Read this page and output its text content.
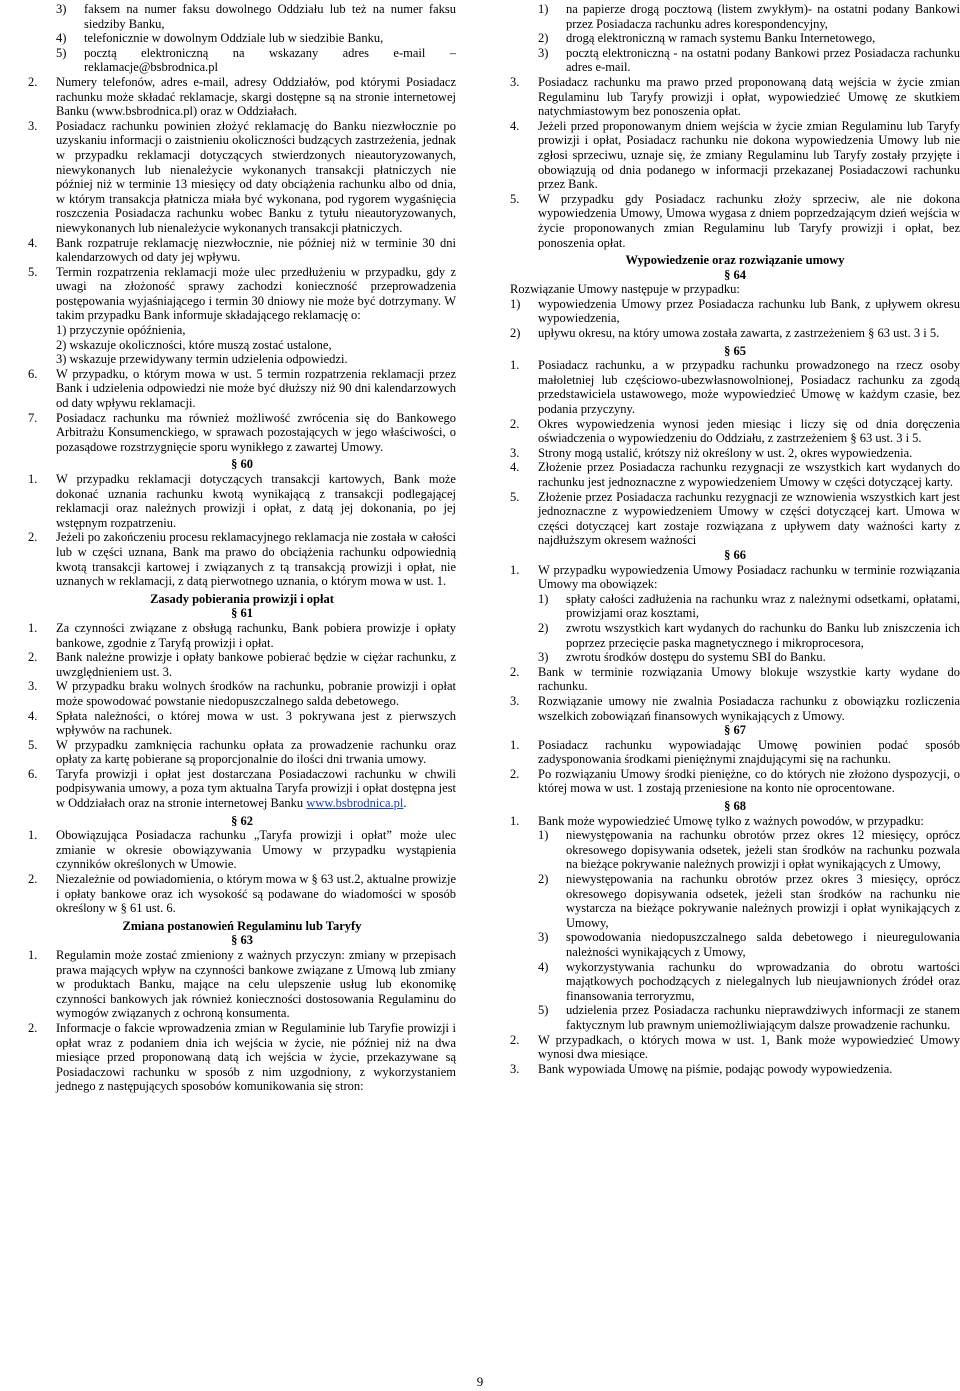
3) faksem na numer faksu dowolnego Oddziału lub też na numer faksu siedziby Banku,

4) telefonicznie w dowolnym Oddziale lub w siedzibie Banku,

5) pocztą elektroniczną na wskazany adres e-mail – reklamacje@bsbrodnica.pl

2. Numery telefonów, adres e-mail, adresy Oddziałów, pod którymi Posiadacz rachunku może składać reklamacje, skargi dostępne są na stronie internetowej Banku (www.bsbrodnica.pl) oraz w Oddziałach.

3. Posiadacz rachunku powinien złożyć reklamację do Banku niezwłocznie po uzyskaniu informacji o zaistnieniu okoliczności budzących zastrzeżenia, jednak w przypadku reklamacji dotyczących stwierdzonych nieautoryzowanych, niewykonanych lub nienależycie wykonanych transakcji płatniczych nie później niż w terminie 13 miesięcy od daty obciążenia rachunku albo od dnia, w którym transakcja płatnicza miała być wykonana, pod rygorem wygaśnięcia roszczenia Posiadacza rachunku wobec Banku z tytułu nieautoryzowanych, niewykonanych lub nienależycie wykonanych transakcji płatniczych.

4. Bank rozpatruje reklamację niezwłocznie, nie później niż w terminie 30 dni kalendarzowych od daty jej wpływu.

5. Termin rozpatrzenia reklamacji może ulec przedłużeniu w przypadku, gdy z uwagi na złożoność sprawy zachodzi konieczność przeprowadzenia postępowania wyjaśniającego i termin 30 dniowy nie może być dotrzymany. W takim przypadku Bank informuje składającego reklamację o:

1) przyczynie opóźnienia,

2) wskazuje okoliczności, które muszą zostać ustalone,

3) wskazuje przewidywany termin udzielenia odpowiedzi.

6. W przypadku, o którym mowa w ust. 5 termin rozpatrzenia reklamacji przez Bank i udzielenia odpowiedzi nie może być dłuższy niż 90 dni kalendarzowych od daty wpływu reklamacji.

7. Posiadacz rachunku ma również możliwość zwrócenia się do Bankowego Arbitrażu Konsumenckiego, w sprawach pozostających w jego właściwości, o pozasądowe rozstrzygnięcie sporu wynikłego z zawartej Umowy.

§ 60

1. W przypadku reklamacji dotyczących transakcji kartowych, Bank może dokonać uznania rachunku kwotą wynikającą z transakcji podlegającej reklamacji oraz należnych prowizji i opłat, z datą jej dokonania, po jej wstępnym rozpatrzeniu.

2. Jeżeli po zakończeniu procesu reklamacyjnego reklamacja nie została w całości lub w części uznana, Bank ma prawo do obciążenia rachunku odpowiednią kwotą transakcji kartowej i związanych z tą transakcją prowizji i opłat, nie uznanych w reklamacji, z datą pierwotnego uznania, o którym mowa w ust. 1.

Zasady pobierania prowizji i opłat

§ 61

1. Za czynności związane z obsługą rachunku, Bank pobiera prowizje i opłaty bankowe, zgodnie z Taryfą prowizji i opłat.

2. Bank należne prowizje i opłaty bankowe pobierać będzie w ciężar rachunku, z uwzględnieniem ust. 3.

3. W przypadku braku wolnych środków na rachunku, pobranie prowizji i opłat może spowodować powstanie niedopuszczalnego salda debetowego.

4. Spłata należności, o której mowa w ust. 3 pokrywana jest z pierwszych wpływów na rachunek.

5. W przypadku zamknięcia rachunku opłata za prowadzenie rachunku oraz opłaty za kartę pobierane są proporcjonalnie do ilości dni trwania umowy.

6. Taryfa prowizji i opłat jest dostarczana Posiadaczowi rachunku w chwili podpisywania umowy, a poza tym aktualna Taryfa prowizji i opłat dostępna jest w Oddziałach oraz na stronie internetowej Banku www.bsbrodnica.pl.

§ 62

1. Obowiązująca Posiadacza rachunku „Taryfa prowizji i opłat” może ulec zmianie w okresie obowiązywania Umowy w przypadku wystąpienia czynników określonych w Umowie.

2. Niezależnie od powiadomienia, o którym mowa w § 63 ust.2, aktualne prowizje i opłaty bankowe oraz ich wysokość są podawane do wiadomości w sposób określony w § 61 ust. 6.

Zmiana postanowień Regulaminu lub Taryfy

§ 63

1. Regulamin może zostać zmieniony z ważnych przyczyn: zmiany w przepisach prawa mających wpływ na czynności bankowe związane z Umową lub zmiany w produktach Banku, mające na celu ulepszenie usług lub ekonomikę czynności bankowych jak również konieczności dostosowania Regulaminu do wymogów związanych z ochroną konsumenta.

2. Informacje o fakcie wprowadzenia zmian w Regulaminie lub Taryfie prowizji i opłat wraz z podaniem dnia ich wejścia w życie, nie później niż na dwa miesiące przed proponowaną datą ich wejścia w życie, przekazywane są Posiadaczowi rachunku w sposób z nim uzgodniony, z wykorzystaniem jednego z następujących sposobów komunikowania się stron:

1) na papierze drogą pocztową (listem zwykłym)- na ostatni podany Bankowi przez Posiadacza rachunku adres korespondencyjny,

2) drogą elektroniczną w ramach systemu Banku Internetowego,

3) pocztą elektroniczną - na ostatni podany Bankowi przez Posiadacza rachunku adres e-mail.

3. Posiadacz rachunku ma prawo przed proponowaną datą wejścia w życie zmian Regulaminu lub Taryfy prowizji i opłat, wypowiedzieć Umowę ze skutkiem natychmiastowym bez ponoszenia opłat.

4. Jeżeli przed proponowanym dniem wejścia w życie zmian Regulaminu lub Taryfy prowizji i opłat, Posiadacz rachunku nie dokona wypowiedzenia Umowy lub nie zgłosi sprzeciwu, uznaje się, że zmiany Regulaminu lub Taryfy zostały przyjęte i obowiązują od dnia podanego w informacji przekazanej Posiadaczowi rachunku przez Bank.

5. W przypadku gdy Posiadacz rachunku złoży sprzeciw, ale nie dokona wypowiedzenia Umowy, Umowa wygasa z dniem poprzedzającym dzień wejścia w życie proponowanych zmian Regulaminu lub Taryfy prowizji i opłat, bez ponoszenia opłat.

Wypowiedzenie oraz rozwiązanie umowy

§ 64

Rozwiązanie Umowy następuje w przypadku:

1) wypowiedzenia Umowy przez Posiadacza rachunku lub Bank, z upływem okresu wypowiedzenia,

2) upływu okresu, na który umowa została zawarta, z zastrzeżeniem § 63 ust. 3 i 5.

§ 65

1. Posiadacz rachunku, a w przypadku rachunku prowadzonego na rzecz osoby małoletniej lub częściowo-ubezwłasnowolnionej, Posiadacz rachunku za zgodą przedstawiciela ustawowego, może wypowiedzieć Umowę w każdym czasie, bez podania przyczyny.

2. Okres wypowiedzenia wynosi jeden miesiąc i liczy się od dnia doręczenia oświadczenia o wypowiedzeniu do Oddziału, z zastrzeżeniem § 63 ust. 3 i 5.

3. Strony mogą ustalić, krótszy niż określony w ust. 2, okres wypowiedzenia.

4. Złożenie przez Posiadacza rachunku rezygnacji ze wszystkich kart wydanych do rachunku jest jednoznaczne z wypowiedzeniem Umowy w części dotyczącej karty.

5. Złożenie przez Posiadacza rachunku rezygnacji ze wznowienia wszystkich kart jest jednoznaczne z wypowiedzeniem Umowy w części dotyczącej kart. Umowa w części dotyczącej kart zostaje rozwiązana z upływem daty ważności karty z najdłuższym okresem ważności

§ 66

1. W przypadku wypowiedzenia Umowy Posiadacz rachunku w terminie rozwiązania Umowy ma obowiązek:

1) spłaty całości zadłużenia na rachunku wraz z należnymi odsetkami, opłatami, prowizjami oraz kosztami,

2) zwrotu wszystkich kart wydanych do rachunku do Banku lub zniszczenia ich poprzez przecięcie paska magnetycznego i mikroprocesora,

3) zwrotu środków dostępu do systemu SBI do Banku.

2. Bank w terminie rozwiązania Umowy blokuje wszystkie karty wydane do rachunku.

3. Rozwiązanie umowy nie zwalnia Posiadacza rachunku z obowiązku rozliczenia wszelkich zobowiązań finansowych wynikających z Umowy.

§ 67

1. Posiadacz rachunku wypowiadając Umowę powinien podać sposób zadysponowania środkami pieniężnymi znajdującymi się na rachunku.

2. Po rozwiązaniu Umowy środki pieniężne, co do których nie złożono dyspozycji, o której mowa w ust. 1 zostają przeniesione na konto nie oprocentowane.

§ 68

1. Bank może wypowiedzieć Umowę tylko z ważnych powodów, w przypadku:

1) niewystępowania na rachunku obrotów przez okres 12 miesięcy, oprócz okresowego dopisywania odsetek, jeżeli stan środków na rachunku pozwala na bieżące pokrywanie należnych prowizji i opłat wynikających z Umowy,

2) niewystępowania na rachunku obrotów przez okres 3 miesięcy, oprócz okresowego dopisywania odsetek, jeżeli stan środków na rachunku nie wystarcza na bieżące pokrywanie należnych prowizji i opłat wynikających z Umowy,

3) spowodowania niedopuszczalnego salda debetowego i nieuregulowania należności wynikających z Umowy,

4) wykorzystywania rachunku do wprowadzania do obrotu wartości majątkowych pochodzących z nielegalnych lub nieujawnionych źródeł oraz finansowania terroryzmu,

5) udzielenia przez Posiadacza rachunku nieprawdziwych informacji ze stanem faktycznym lub prawnym uniemożliwiającym dalsze prowadzenie rachunku.

2. W przypadkach, o których mowa w ust. 1, Bank może wypowiedzieć Umowy wynosi dwa miesiące.

3. Bank wypowiada Umowę na piśmie, podając powody wypowiedzenia.

9
